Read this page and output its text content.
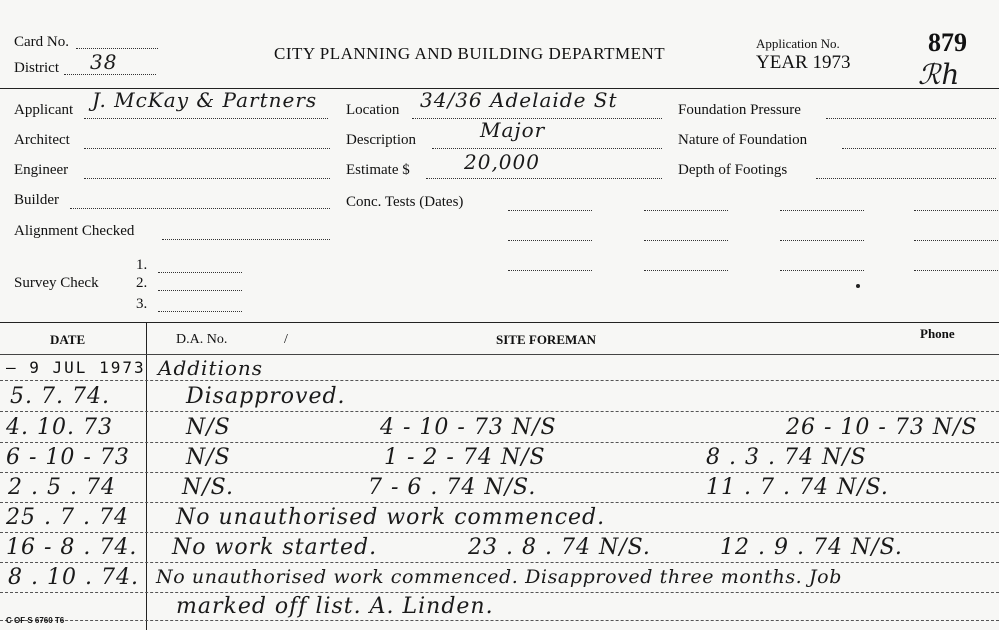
Card No.
District 38	CITY PLANNING AND BUILDING DEPARTMENT
Application No.
YEAR 1973
879
ℛh
Applicant J. McKay & Partners
Architect
Engineer
Builder
Alignment Checked
1.
Survey Check 2.
3.
Location 34/36 Adelaide St
Description	Major
Estimate $	20,000
Conc. Tests (Dates)
Foundation Pressure
Nature of Foundation
Depth of Footings
DATE	D.A. No.	/	SITE FOREMAN	Phone
– 9 JUL 1973 Additions
5. 7. 74.	Disapproved.
4. 10. 73	N/S	4 - 10 - 73 N/S	26 - 10 - 73 N/S
6 - 10 - 73	N/S	1 - 2 - 74 N/S	8 . 3 . 74 N/S
2 . 5 . 74	N/S.	7 - 6 . 74 N/S.	11 . 7 . 74 N/S.
25 . 7 . 74 No unauthorised work commenced.
16 - 8 . 74. No work started.	23 . 8 . 74 N/S.	12 . 9 . 74 N/S.
8 . 10 . 74. No unauthorised work commenced. Disapproved three months. Job
marked off list. A. Linden.
C OF S 6760 T6
